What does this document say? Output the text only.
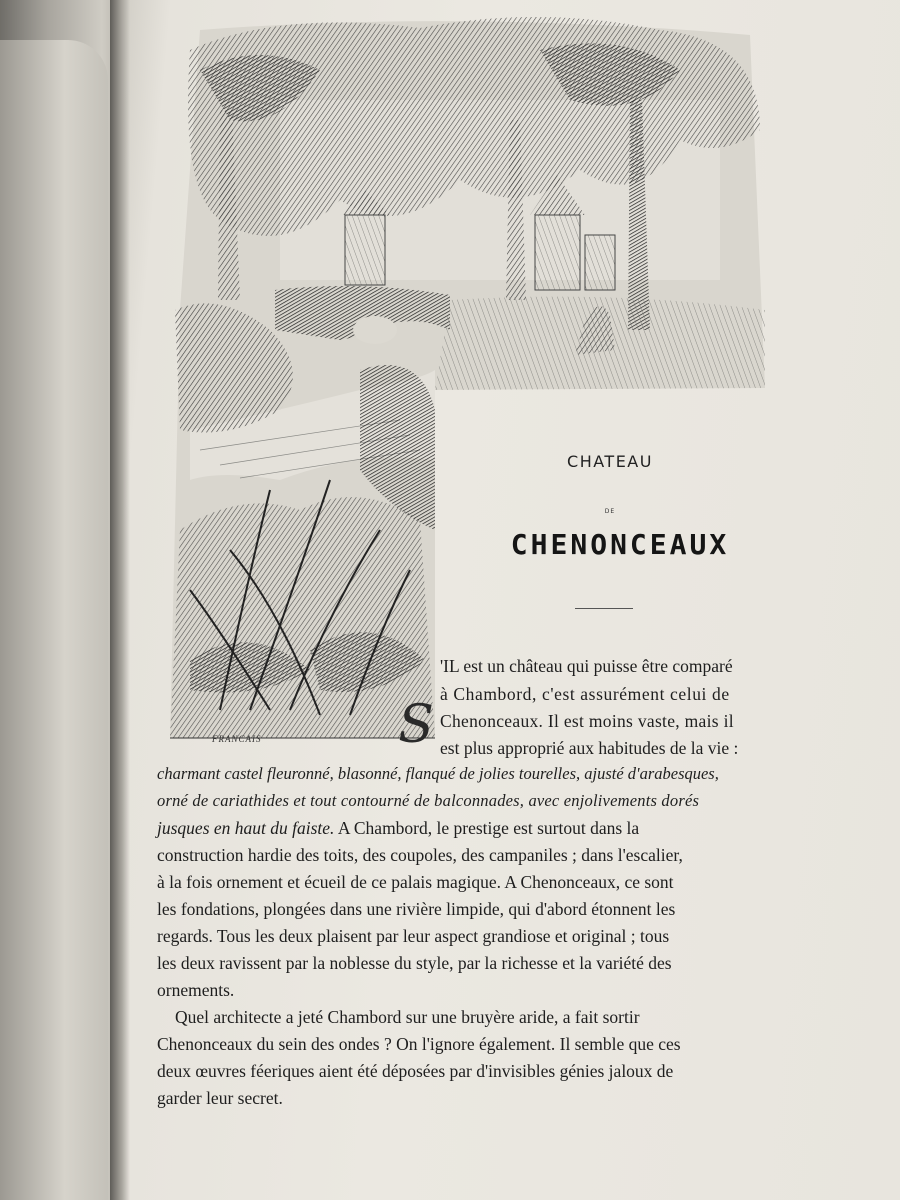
FRANCAIS
CHATEAU
DE
CHENONCEAUX
S
'IL est un château qui puisse être comparé
à Chambord, c'est assurément celui de
Chenonceaux. Il est moins vaste, mais il
est plus approprié aux habitudes de la vie :
charmant castel fleuronné, blasonné, flanqué de jolies tourelles, ajusté d'arabesques,
orné de cariathides et tout contourné de balconnades, avec enjolivements dorés
jusques en haut du faiste. A Chambord, le prestige est surtout dans la
construction hardie des toits, des coupoles, des campaniles ; dans l'escalier,
à la fois ornement et écueil de ce palais magique. A Chenonceaux, ce sont
les fondations, plongées dans une rivière limpide, qui d'abord étonnent les
regards. Tous les deux plaisent par leur aspect grandiose et original ; tous
les deux ravissent par la noblesse du style, par la richesse et la variété des
ornements.
Quel architecte a jeté Chambord sur une bruyère aride, a fait sortir
Chenonceaux du sein des ondes ? On l'ignore également. Il semble que ces
deux œuvres féeriques aient été déposées par d'invisibles génies jaloux de
garder leur secret.
